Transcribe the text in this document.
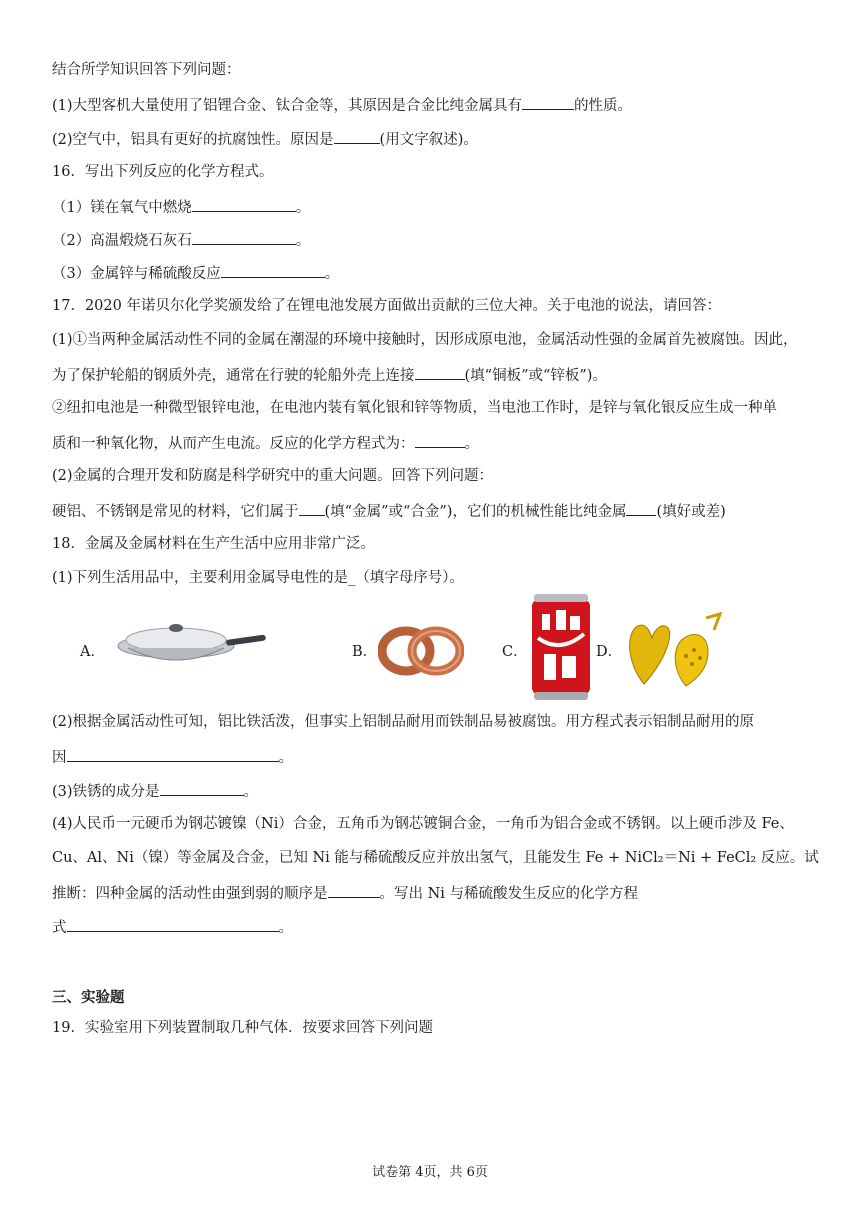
结合所学知识回答下列问题：
(1)大型客机大量使用了铝锂合金、钛合金等，其原因是合金比纯金属具有	的性质。
(2)空气中，铝具有更好的抗腐蚀性。原因是	(用文字叙述)。
16．写出下列反应的化学方程式。
（1）镁在氧气中燃烧	。
（2）高温煅烧石灰石	。
（3）金属锌与稀硫酸反应	。
17．2020 年诺贝尔化学奖颁发给了在锂电池发展方面做出贡献的三位大神。关于电池的说法，请回答：
(1)①当两种金属活动性不同的金属在潮湿的环境中接触时，因形成原电池，金属活动性强的金属首先被腐蚀。因此，
为了保护轮船的钢质外壳，通常在行驶的轮船外壳上连接	(填“铜板”或“锌板”)。
②纽扣电池是一种微型银锌电池，在电池内装有氧化银和锌等物质，当电池工作时，是锌与氧化银反应生成一种单
质和一种氧化物，从而产生电流。反应的化学方程式为：	。
(2)金属的合理开发和防腐是科学研究中的重大问题。回答下列问题：
硬铝、不锈钢是常见的材料，它们属于 (填“金属”或“合金”)，它们的机械性能比纯金属 (填好或差)
18．金属及金属材料在生产生活中应用非常广泛。
(1)下列生活用品中，主要利用金属导电性的是_（填字母序号）。
A．	B．	C．	D．
(2)根据金属活动性可知，铝比铁活泼，但事实上铝制品耐用而铁制品易被腐蚀。用方程式表示铝制品耐用的原
因	。
(3)铁锈的成分是	。
(4)人民币一元硬币为钢芯镀镍（Ni）合金，五角币为钢芯镀铜合金，一角币为铝合金或不锈钢。以上硬币涉及 Fe、
Cu、Al、Ni（镍）等金属及合金，已知 Ni 能与稀硫酸反应并放出氢气，且能发生 Fe + NiCl₂＝Ni + FeCl₂ 反应。试
推断：四种金属的活动性由强到弱的顺序是	。写出 Ni 与稀硫酸发生反应的化学方程
式	。
三、实验题
19．实验室用下列装置制取几种气体．按要求回答下列问题
试卷第 4页，共 6页
